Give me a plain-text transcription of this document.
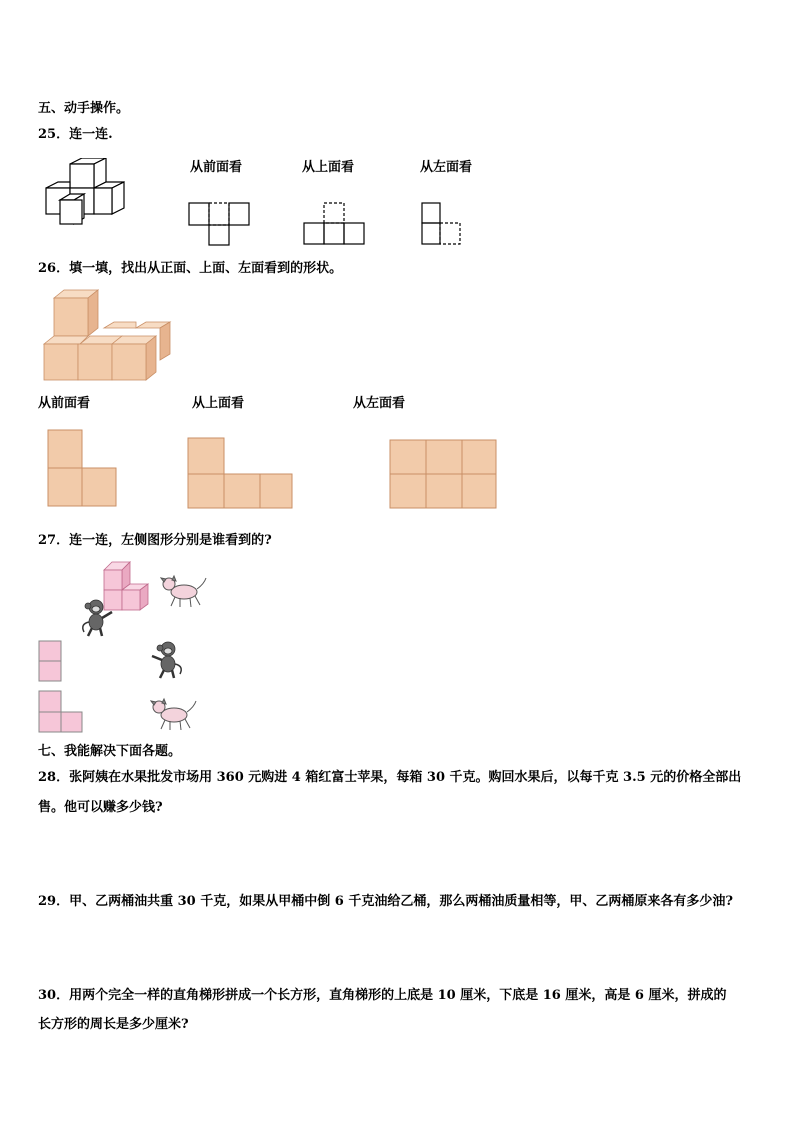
五、动手操作。
25．连一连.
从前面看	从上面看	从左面看
26．填一填，找出从正面、上面、左面看到的形状。
从前面看	从上面看	从左面看
27．连一连，左侧图形分别是谁看到的?
七、我能解决下面各题。
28．张阿姨在水果批发市场用 360 元购进 4 箱红富士苹果，每箱 30 千克。购回水果后，以每千克 3.5 元的价格全部出
售。他可以赚多少钱?
29．甲、乙两桶油共重 30 千克，如果从甲桶中倒 6 千克油给乙桶，那么两桶油质量相等，甲、乙两桶原来各有多少油?
30．用两个完全一样的直角梯形拼成一个长方形，直角梯形的上底是 10 厘米，下底是 16 厘米，高是 6 厘米，拼成的
长方形的周长是多少厘米?
